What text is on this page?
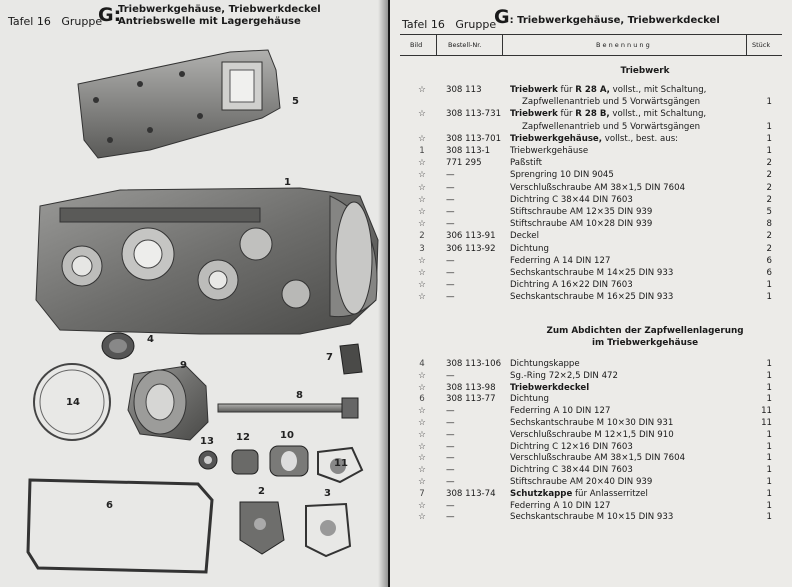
Tafel 16 Gruppe
G:
Triebwerkgehäuse, Triebwerkdeckel
Antriebswelle mit Lagergehäuse
5
1
4
9
7
8
14
13 12	10
11
6
2	3
Tafel 16 Gruppe
G: Triebwerkgehäuse, Triebwerkdeckel
Bild	Bestell-Nr.	B e n e n n u n g	Stück
Triebwerk
☆	308 113	Triebwerk für R 28 A, vollst., mit Schaltung,
Zapfwellenantrieb und 5 Vorwärtsgängen	1
☆	308 113-731 Triebwerk für R 28 B, vollst., mit Schaltung,
Zapfwellenantrieb und 5 Vorwärtsgängen	1
☆	308 113-701 Triebwerkgehäuse, vollst., best. aus:	1
1	308 113-1 Triebwerkgehäuse	1
☆	771 295	Paßstift	2
☆	—	Sprengring 10 DIN 9045	2
☆	—	Verschlußschraube AM 38×1,5 DIN 7604	2
☆	—	Dichtring C 38×44 DIN 7603	2
☆	—	Stiftschraube AM 12×35 DIN 939	5
☆	—	Stiftschraube AM 10×28 DIN 939	8
2	306 113-91 Deckel	2
3	306 113-92 Dichtung	2
☆	—	Federring A 14 DIN 127	6
☆	—	Sechskantschraube M 14×25 DIN 933	6
☆	—	Dichtring A 16×22 DIN 7603	1
☆	—	Sechskantschraube M 16×25 DIN 933	1
Zum Abdichten der Zapfwellenlagerung
im Triebwerkgehäuse
4	308 113-106 Dichtungskappe	1
☆	—	Sg.-Ring 72×2,5 DIN 472	1
☆	308 113-98 Triebwerkdeckel	1
6	308 113-77 Dichtung	1
☆	—	Federring A 10 DIN 127	11
☆	—	Sechskantschraube M 10×30 DIN 931	11
☆	—	Verschlußschraube M 12×1,5 DIN 910	1
☆	—	Dichtring C 12×16 DIN 7603	1
☆	—	Verschlußschraube AM 38×1,5 DIN 7604	1
☆	—	Dichtring C 38×44 DIN 7603	1
☆	—	Stiftschraube AM 20×40 DIN 939	1
7	308 113-74 Schutzkappe für Anlasserritzel	1
☆	—	Federring A 10 DIN 127	1
☆	—	Sechskantschraube M 10×15 DIN 933	1
